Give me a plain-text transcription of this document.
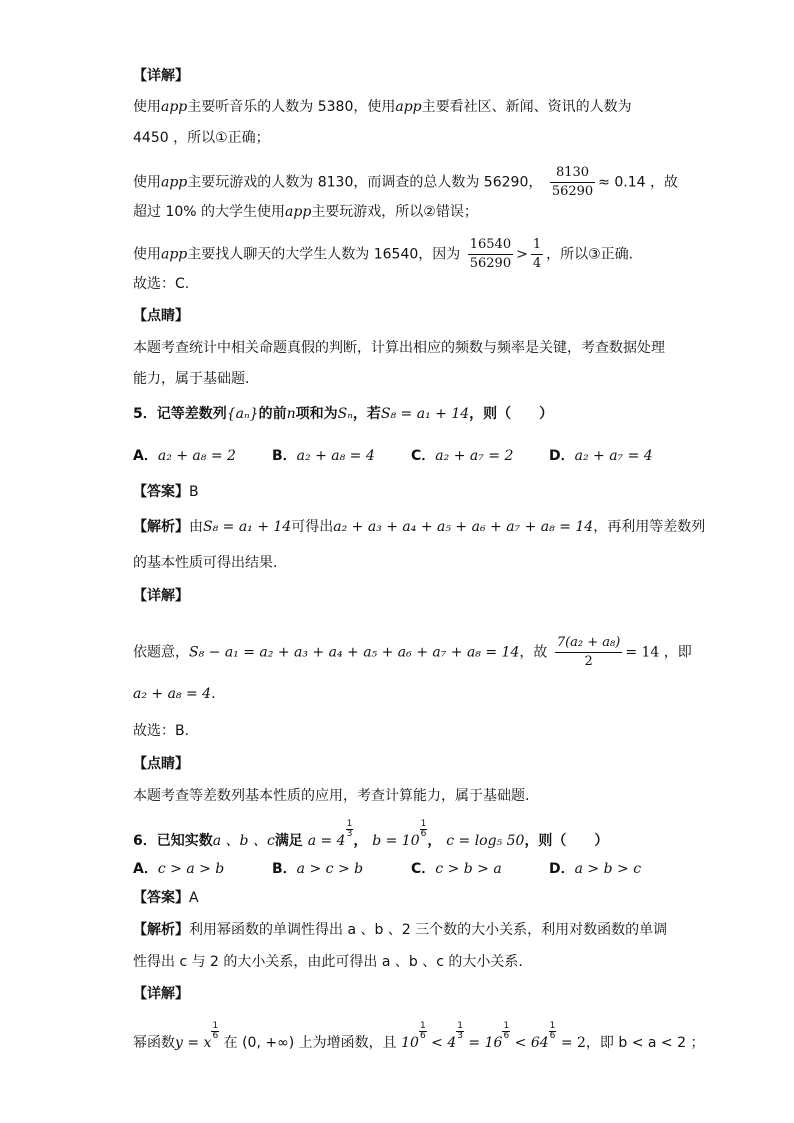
【详解】
使用app主要听音乐的人数为 5380，使用app主要看社区、新闻、资讯的人数为
4450 ，所以①正确；
使用app主要玩游戏的人数为 8130，而调查的总人数为 56290， $\frac{8130}{56290} \approx 0.14$ ，故
超过 10% 的大学生使用app主要玩游戏，所以②错误；
使用app主要找人聊天的大学生人数为 16540，因为 $\frac{16540}{56290} > \frac{1}{4}$ ，所以③正确.
故选：C.
【点睛】
本题考查统计中相关命题真假的判断，计算出相应的频数与频率是关键，考查数据处理
能力，属于基础题.
5．记等差数列{aₙ}的前n项和为Sₙ，若S₈ = a₁ + 14，则（　　）
A．a₂ + a₈ = 2	B．a₂ + a₈ = 4	C．a₂ + a₇ = 2	D．a₂ + a₇ = 4
【答案】B
【解析】由S₈ = a₁ + 14可得出a₂ + a₃ + a₄ + a₅ + a₆ + a₇ + a₈ = 14，再利用等差数列
的基本性质可得出结果.
【详解】
依题意，S₈ − a₁ = a₂ + a₃ + a₄ + a₅ + a₆ + a₇ + a₈ = 14，故 $\frac{\text{7(a₂ + a₈)}}{2} = 14$ ，即
a₂ + a₈ = 4.
故选：B.
【点睛】
本题考查等差数列基本性质的应用，考查计算能力，属于基础题.
6．已知实数a 、b 、c满足 a = 4
$\frac{1}{3}$， b = 10
$\frac{1}{6}$， c = log₅ 50，则（　　）
A．c > a > b	B．a > c > b	C．c > b > a	D．a > b > c
【答案】A
【解析】利用幂函数的单调性得出 a 、b 、2 三个数的大小关系，利用对数函数的单调
性得出 c 与 2 的大小关系，由此可得出 a 、b 、c 的大小关系.
【详解】
幂函数y = x
$\frac{1}{6}$ 在 (0, +∞) 上为增函数，且 10
$\frac{1}{6} < 4$
$\frac{1}{3} = 16$
$\frac{1}{6} < 64$
$\frac{1}{6} = 2$，即 b < a < 2 ；
